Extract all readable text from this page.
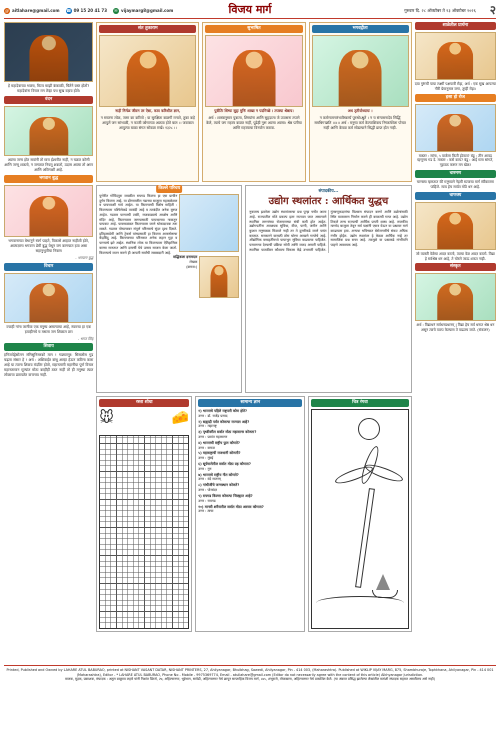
@ aitlahare@gmail.com ☎ 09 15 20 41 73	✉ vijaymarg8@gmail.com	विजय मार्ग	गुरुवार दि. २८ ऑक्टोबर ते २३ ऑक्टोबर २०२६ २
हे महादेवाच्या भक्ता, मिटव माझी कंकाळी, चिंतेने ग्रस्त होतो? महादेवांना विचार मग तेव्हा पथ सुख वहाय होते।
वंदन
आत्मा जन्म होत सवांनी तो मारा ईश्वरीत नाही, न चक्रत कोणी आणि जन्मू शकतो, न जगतात नियमू शकतो, उदास आत्मा तो अमर आणि अविनाशी आहे.
भगवान बुद्ध
भगवानाच्या बेभानुने स्वर्ग पाहते, विकासे आहात नाहीशी होते, आत्मज्ञाना भगवन्त प्रेमी बुद्ध येथून जग करण्यात हवा असा सहानुभूतीचा निवास
- भगवान बुद्ध
विचार
ज्याही गांना जानीवा एक मनुष्य असल्याचा आहे, स्वतःचा हा एक हवाहीनचे च मसला जग शिकाल ठरा
- भगत सिंह
शिवाय
हनिजपेड्रेसोलन संगिसुनिसरको मान ! गडसल्लुर: सिसलोस गुड चढ़ला संसार हे ! अर्थ : अशिवाईत बांधू आम्हा हेऊन कविना कारा आहे या त्याना शिवाय मंदतिर होतो, महानतामी महानीया पूर्ण विचार महानतामान मूल्यांत मोठा काहीही ठरत नाही तो ही मनुष्या त्यात लोकाचा प्रतापतेत वाचनाय नाही.
संत तुकाराम

नाही निर्मळ जीवन तर ऐसा, काय करिशील ज्ञान,

न सरतना लोळ, जाण का करितो ; या सुरक्षिता बाळगी मनाते, तुका कहे आपुलें जग सांभाळी, न फाजी कोणाच्या आठवा होते बाल ।। जवाबात आपुल्या बाळा संगत सोवळा राखें। १३२८ ।।

सुभाषित

पुत्रीतिः शिष्यः सुहृः मुनिः शाखा न पदमिच्छे । तपस्या श्रेष्ठाय।

अर्थ : शास्त्रानुसार पुत्राला, शिष्यांना आणि सुहृदाला जे उपासना तपाने केले, त्याचे जग महत्त्व कळत नाही, पुढेही गुरू आत्मा आत्मा। श्रेष्ठ पतीचा आणि महत्त्वाचा विनयोग करावा.

भगवद्गीता

अथ तृतीयोध्यायः ।

न कर्मणामनारंभात्रैष्कर्म्यं पुरुषोऽश्नुते । न च संन्यसनादेव सिद्धिं समधिगच्छति ।।४।। अर्थ : मनुष्य कर्म केल्याशिवाय निष्कर्मतेला पोचत नाही आणि केवळ कर्म सोडल्याने सिद्धी प्राप्त होत नाही.

किल्ले परिचय

पुणेरीत गोविंदपुरा जवळील रायगड किल्ला हा एक प्राचीन दुर्गम किल्ला आहे. या डोंगरावरील गडाच्या बाजूला महाबळेश्वर व पायथ्याशी गावे आहेत. या किल्ल्याची विशेष माहिती : किल्ल्याला पश्चिमेकडे तटबंदी आहे व तटबंदीत अनेक बुरुज आहेत. गडावर पाण्याची टाकी, राजवाड्याचे अवशेष आणि मंदिर आहे. किल्ल्यावर जाण्यासाठी पायथ्याच्या गावातून पायवाट आहे. पावसाळ्यात किल्ल्यावर जाणे धोकादायक ठरू शकते. गडावर पोचल्यावर संपूर्ण परिसराचे सुंदर दृश्य दिसते. इतिहासप्रेमी आणि ट्रेकर्स यांच्यासाठी हा किल्ला आकर्षणाचा केंद्रबिंदू आहे. किल्ल्याच्या परिसरात अनेक लहान गुहा व पाण्याचे झरे आहेत. स्थानिक लोक या किल्ल्याला ऐतिहासिक वारसा मानतात आणि दरवर्षी येथे उत्सव साजरा केला जातो. किल्ल्याचे जतन करणे ही आपली सर्वांची जबाबदारी आहे.

सद्धिकला इनामदार

लेखक

(क्रमश:)

संपादकीय...
उद्योग स्थलांतर : आर्थिकत युद्धच
नुकताच झालेला उद्योग स्थलांतराचा प्रश्न पुन्हा चर्चेत आला आहे. राज्यातील मोठे प्रकल्प इतर राज्यात जात असल्याने स्थानिक तरुणांच्या रोजगाराच्या संधी कमी होत आहेत. उद्योगपतींना आवश्यक सुविधा, वीज, पाणी, जमीन आणि कुशल मनुष्यबळ मिळाले नाही तर ते दुसरीकडे जाणे पसंत करतात. सरकारने यासाठी ठोस धोरण आखणे गरजेचे आहे. औद्योगिक वसाहतींमध्ये पायाभूत सुविधा वाढवल्या पाहिजेत. परवानग्या देण्याची प्रक्रिया सोपी आणि जलद असली पाहिजे. स्थानिक पातळीवर कौशल्य विकास केंद्रे उभारली पाहिजेत. गुंतवणूकदारांचा विश्वास संपादन करणे आणि उद्योगांसाठी स्थिर वातावरण निर्माण करणे ही काळाची गरज आहे. उद्योग टिकले तरच राज्याची आर्थिक प्रगती शक्य आहे. राजकीय मतभेद बाजूला ठेवून सर्व पक्षांनी एकत्र येऊन या प्रश्नावर मार्ग काढायला हवा. अन्यथा भविष्यात बेरोजगारीचे संकट अधिक गंभीर होईल. उद्योग स्थलांतर हे केवळ आर्थिक नव्हे तर सामाजिक प्रश्न बनत आहे. त्यामुळे या प्रश्नाकडे गांभीर्याने पाहणे आवश्यक आहे.
रस्ता शोधा
🐭	🧀
सामान्य ज्ञान
१) भारताचे पहिले राष्ट्रपती कोण होते?
उत्तर : डॉ. राजेंद्र प्रसाद
२) सह्याद्री पर्वत कोणत्या राज्यात आहे?
उत्तर : महाराष्ट्र
३) पृथ्वीवरील सर्वात मोठा महासागर कोणता?
उत्तर : प्रशांत महासागर
४) भारताची राष्ट्रीय फुल कोणते?
उत्तर : कमळ
५) महाराष्ट्राची राजधानी कोणती?
उत्तर : मुंबई
६) सूर्यमालेतील सर्वात मोठा ग्रह कोणता?
उत्तर : गुरु
७) भारताचे राष्ट्रीय गीत कोणते?
उत्तर : वंदे मातरम्
८) गांधीजींचे जन्मस्थान कोणते?
उत्तर : पोरबंदर
९) रायगड किल्ला कोणत्या जिल्ह्यात आहे?
उत्तर : रायगड
१०) मानवी शरीरातील सर्वात मोठा अवयव कोणता?
उत्तर : त्वचा
चित्र रंगवा
शाळेतील प्रार्थना

दया गुरूंची पाया लक्ष्मी पक्षपात्री रोहा, अर्थ : एक सुख आपल्या गौरी प्रेमानुसार जगा, तुम्ही रोहा।

हसा हो रोज

मास्तर : सांगा, ५ वाजेला किती होतात? बंडू : तीन आवड म्हणूनच गड दे. मास्तर : कसे काय? बंडू : आई मला सांगते, गृहपाठ करून मग खेळ!

चारमण

चाणक्य म्हणतात की मनुष्याने नेहमी सत्याचा मार्ग स्वीकारला पाहिजे. सत्य हेच सर्वात मोठे धन आहे.

चाणक्य

जो व्यक्ती वेळेचा आदर करतो, त्याचा वेळ आदर करतो. विद्या हे सर्वश्रेष्ठ धन आहे, ते चोरले जाऊ शकत नाही.

संस्कृत

अर्थ : विद्याधनं सर्वधनप्रधानम् | विद्या हेच सर्व धनात श्रेष्ठ धन असून त्याचे वाटप केल्यास ते वाढतच जाते. (संकलन)

Printed, Published and Owned by LAHARE ATUL BABURAO, printed at NISHANT VASANT DATAR, NISHANT PRINTERS, 27, Ahilyanagar, Bhuibhag, Sawedi, Ahilyanagar, Pin - 414 003, (Maharashtra). Published at WIKLIP VIJAY MARG, 875, Shambhuraje, Tophkhana, Ahilyanagar, Pin - 414 001 (Maharashtra), Editor - * LAHARE ATUL BABURAO, Phone No - Mobile - 9975369774, Email - atullahare@gmail.com (Editor do not necessarily agree with the content of this article) Alkhyanagar Jurisdiction.

मालक, मुद्रक, प्रकाशक, संपादक : अतुल बाबुराव लहारे यांनी निशांत प्रिंटर्स, २७, अहिल्यानगर, भुईभाग, सावेडी, अहिल्यानगर येथे छापून साप्ताहिक विजय मार्ग, ८७५, शंभूराजे, तोफखाना, अहिल्यानगर येथे प्रकाशित केले. (या अंकात प्रसिद्ध झालेल्या लेखांतील मतांशी संपादक सहमत असतीलच असे नाही)
